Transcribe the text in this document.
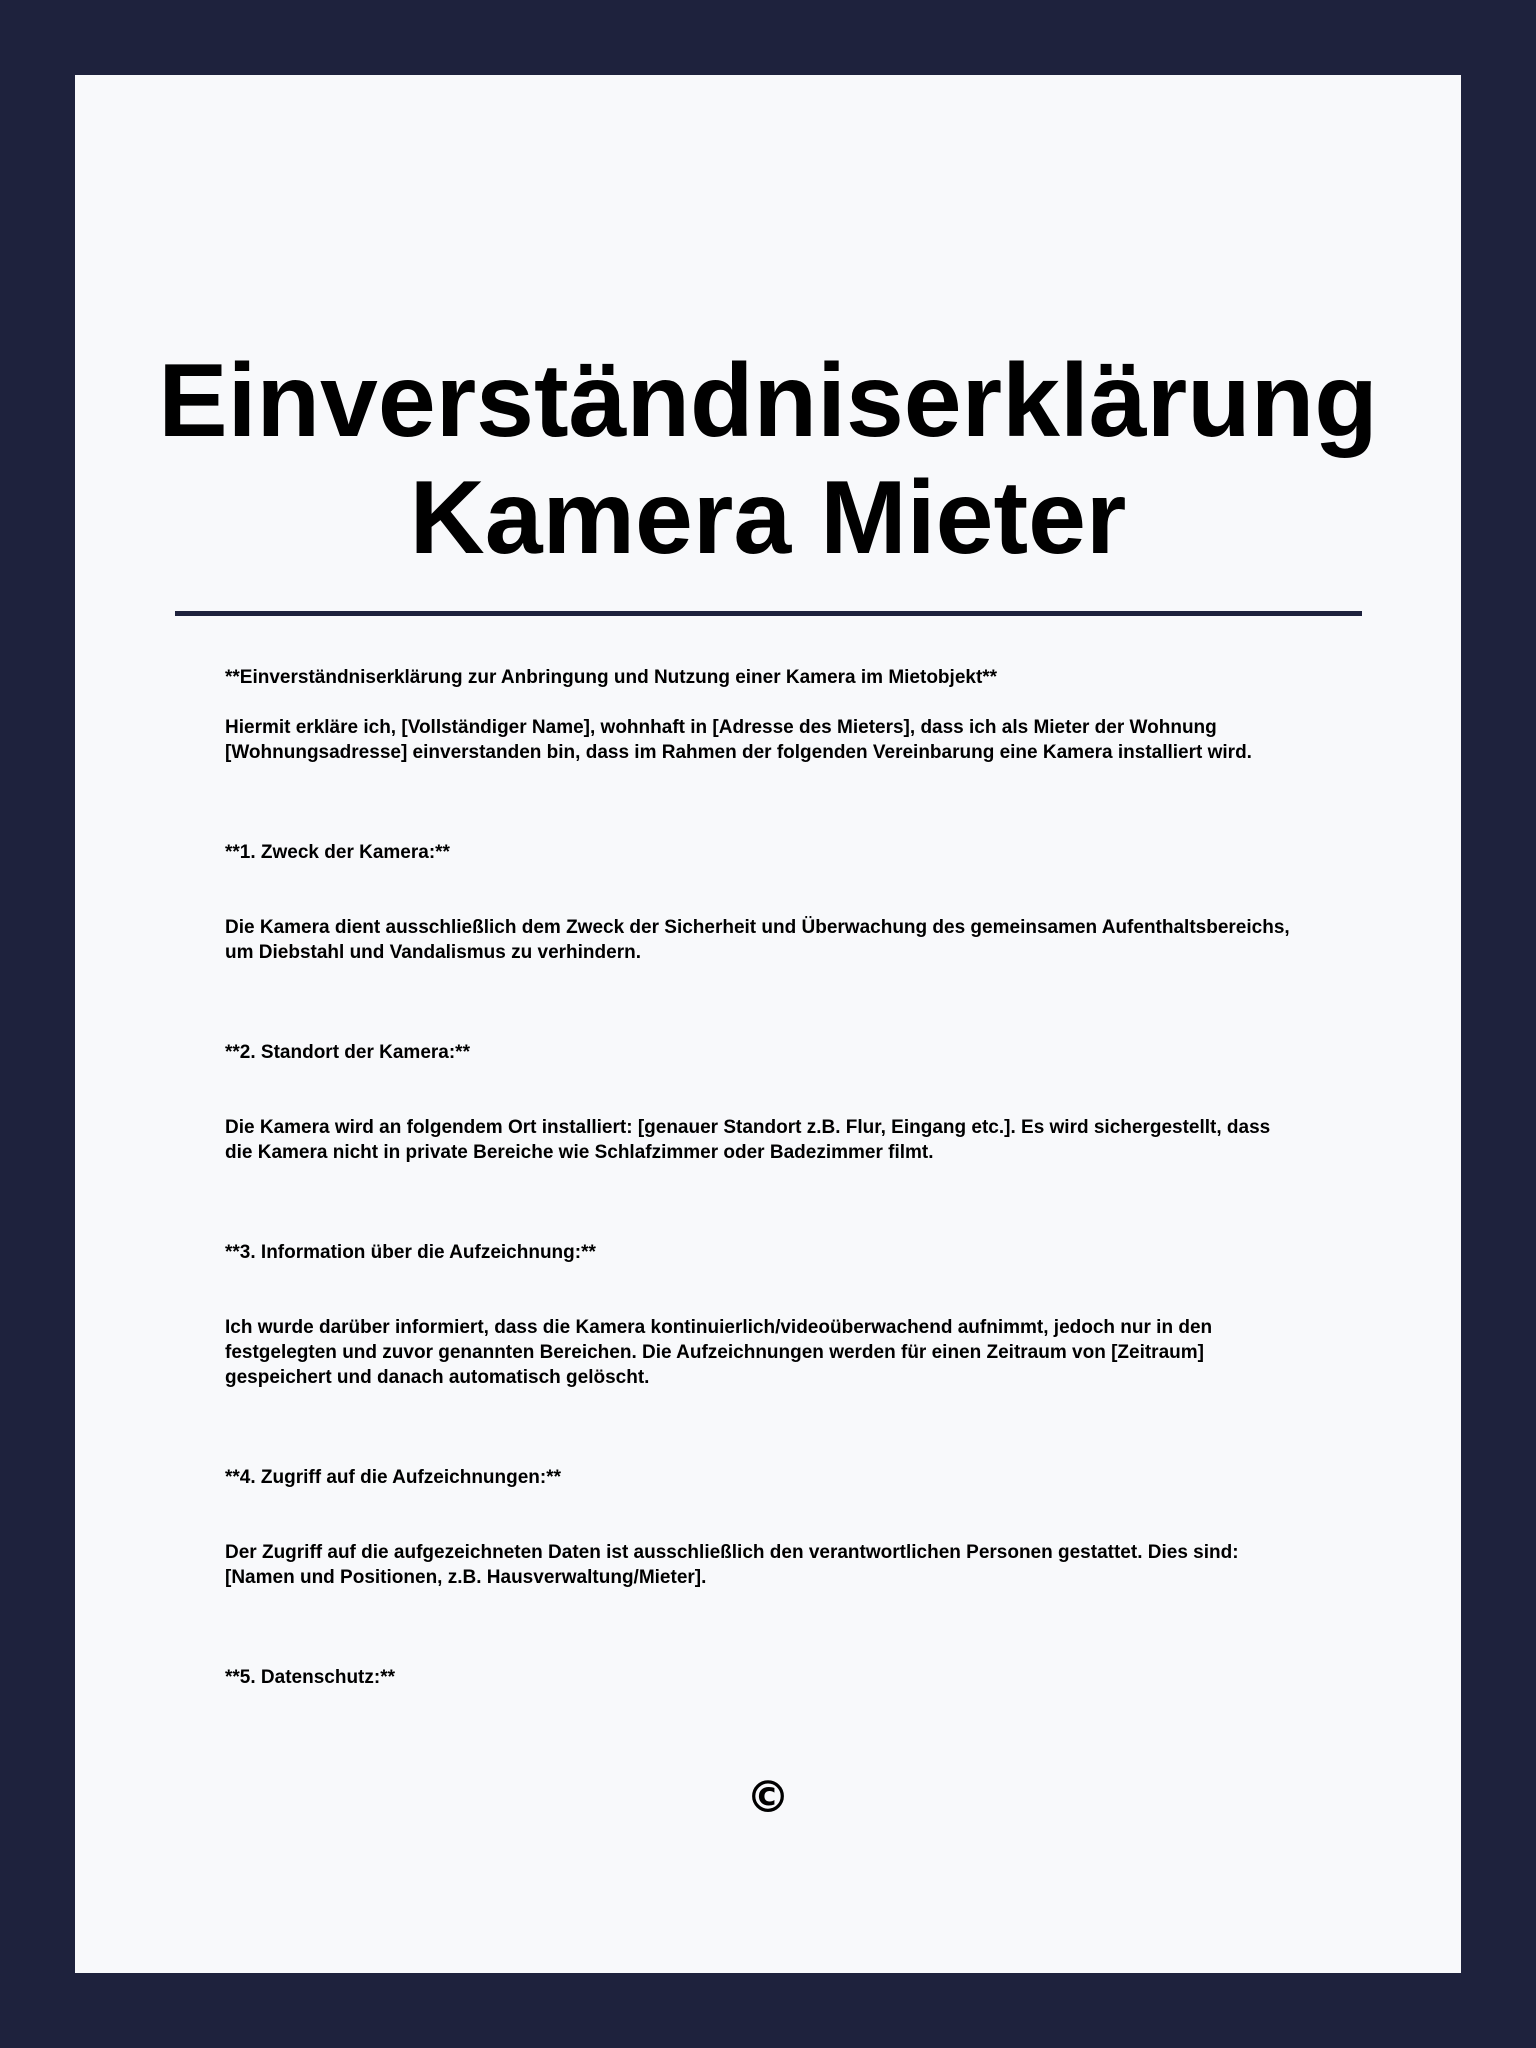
Einverständniserklärung
Kamera Mieter

**Einverständniserklärung zur Anbringung und Nutzung einer Kamera im Mietobjekt**

Hiermit erkläre ich, [Vollständiger Name], wohnhaft in [Adresse des Mieters], dass ich als Mieter der Wohnung
[Wohnungsadresse] einverstanden bin, dass im Rahmen der folgenden Vereinbarung eine Kamera installiert wird.

**1. Zweck der Kamera:**

Die Kamera dient ausschließlich dem Zweck der Sicherheit und Überwachung des gemeinsamen Aufenthaltsbereichs,
um Diebstahl und Vandalismus zu verhindern.

**2. Standort der Kamera:**

Die Kamera wird an folgendem Ort installiert: [genauer Standort z.B. Flur, Eingang etc.]. Es wird sichergestellt, dass
die Kamera nicht in private Bereiche wie Schlafzimmer oder Badezimmer filmt.

**3. Information über die Aufzeichnung:**

Ich wurde darüber informiert, dass die Kamera kontinuierlich/videoüberwachend aufnimmt, jedoch nur in den
festgelegten und zuvor genannten Bereichen. Die Aufzeichnungen werden für einen Zeitraum von [Zeitraum]
gespeichert und danach automatisch gelöscht.

**4. Zugriff auf die Aufzeichnungen:**

Der Zugriff auf die aufgezeichneten Daten ist ausschließlich den verantwortlichen Personen gestattet. Dies sind:
[Namen und Positionen, z.B. Hausverwaltung/Mieter].

**5. Datenschutz:**

©
